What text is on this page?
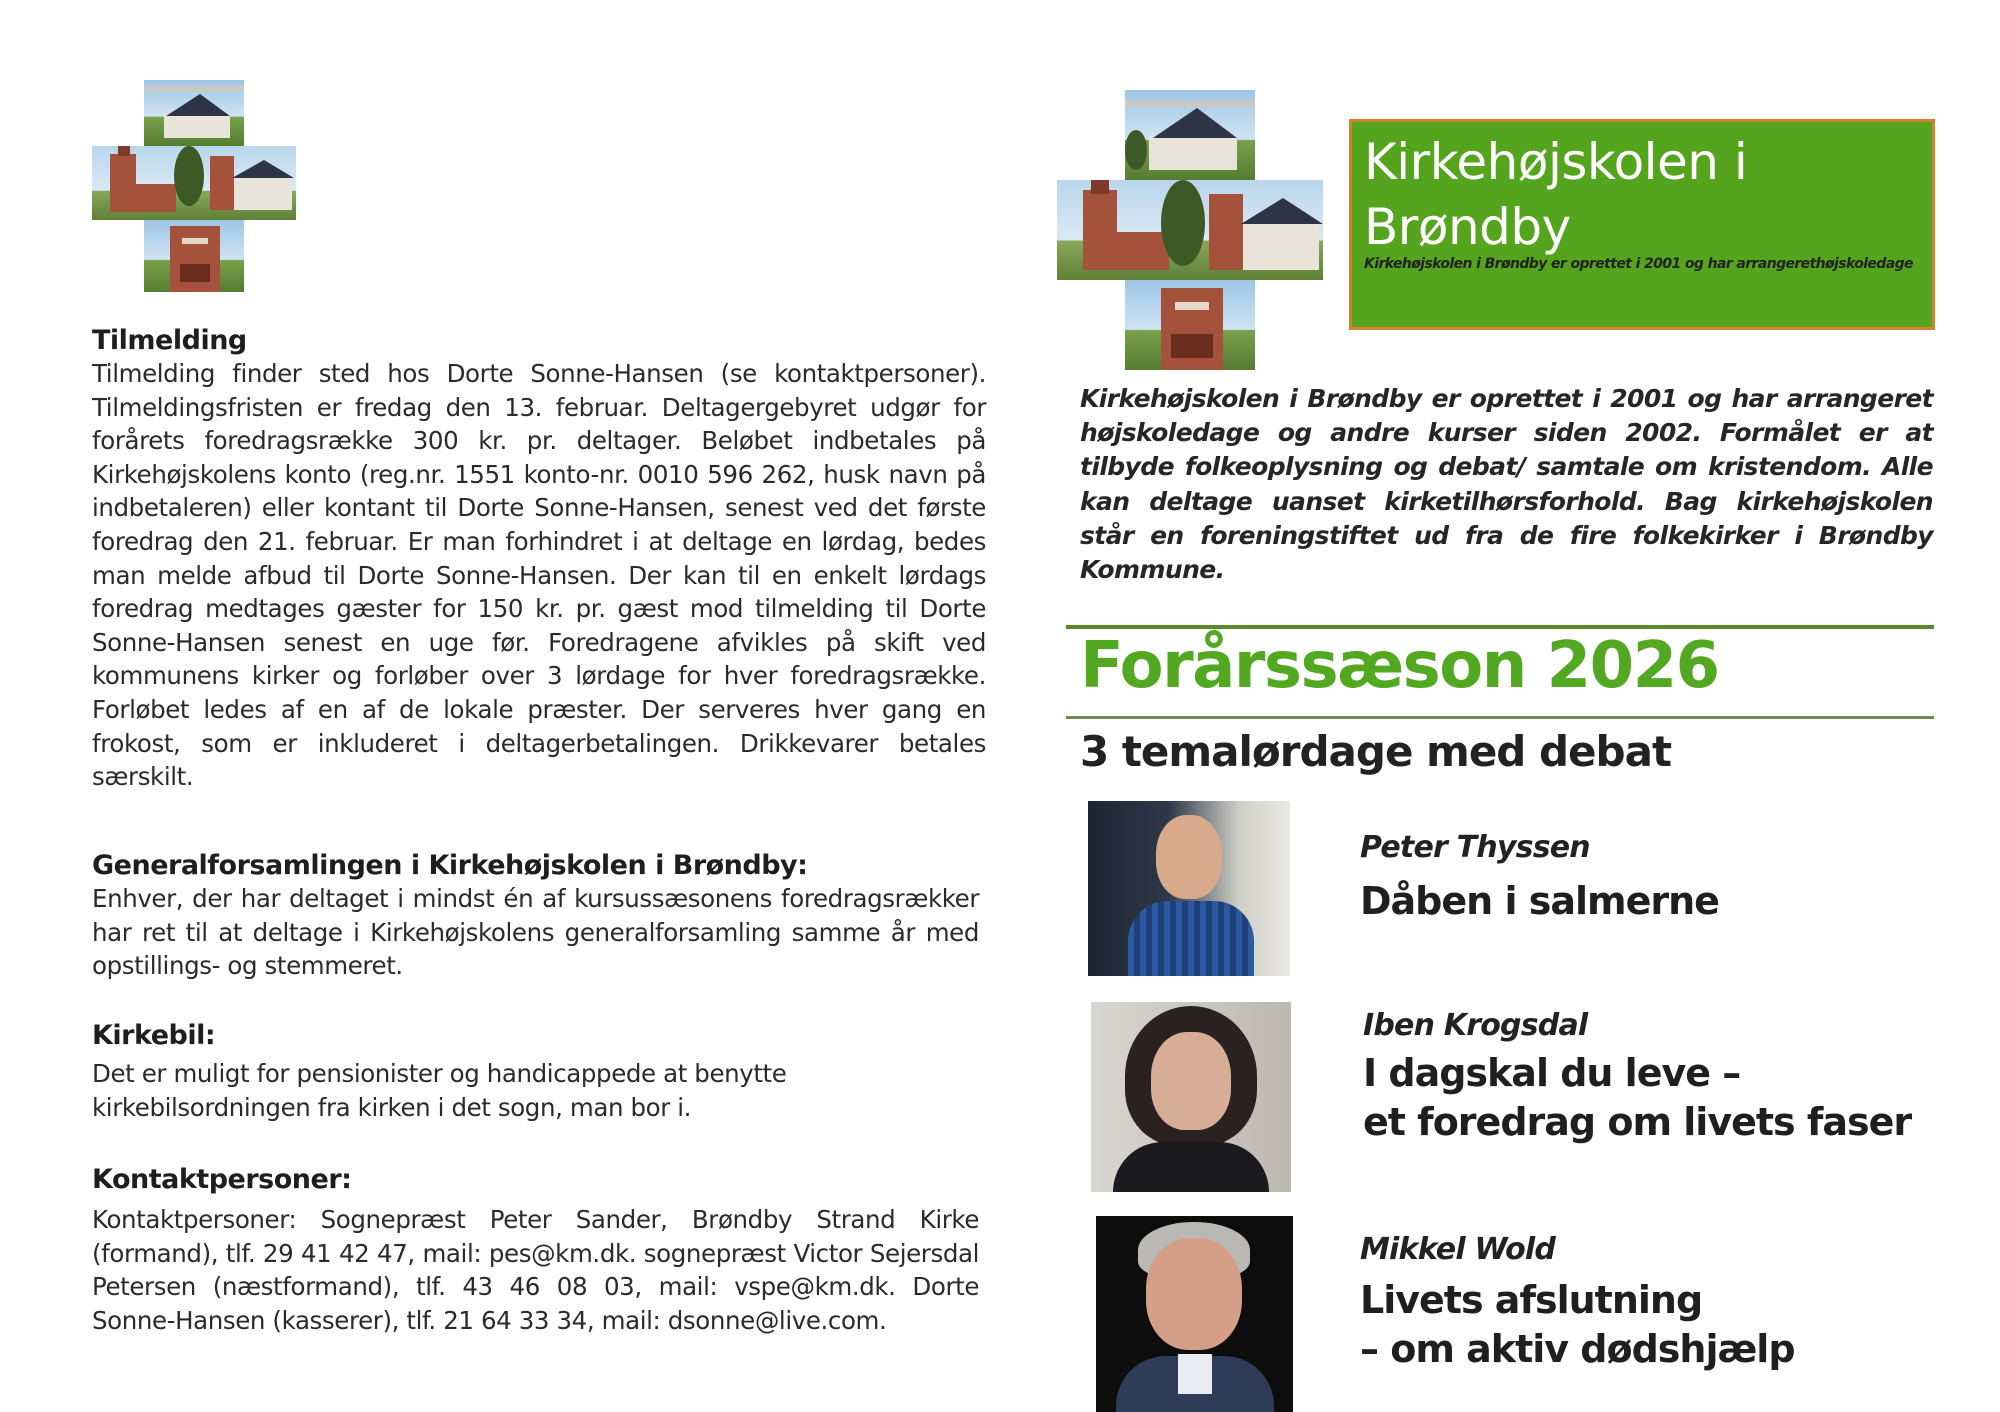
Tilmelding
Tilmelding finder sted hos Dorte Sonne-Hansen (se kontaktpersoner). Tilmeldingsfristen er fredag den 13. februar. Deltagergebyret udgør for forårets foredragsrække 300 kr. pr. deltager. Beløbet indbetales på Kirkehøjskolens konto (reg.nr. 1551 konto-nr. 0010 596 262, husk navn på indbetaleren) eller kontant til Dorte Sonne-Hansen, senest ved det første foredrag den 21. februar. Er man forhindret i at deltage en lørdag, bedes man melde afbud til Dorte Sonne-Hansen. Der kan til en enkelt lørdags foredrag medtages gæster for 150 kr. pr. gæst mod tilmelding til Dorte Sonne-Hansen senest en uge før. Foredragene afvikles på skift ved kommunens kirker og forløber over 3 lørdage for hver foredragsrække. Forløbet ledes af en af de lokale præster. Der serveres hver gang en frokost, som er inkluderet i deltagerbetalingen. Drikkevarer betales særskilt.
Generalforsamlingen i Kirkehøjskolen i Brøndby:
Enhver, der har deltaget i mindst én af kursussæsonens foredragsrækker har ret til at deltage i Kirkehøjskolens generalforsamling samme år med opstillings- og stemmeret.
Kirkebil:
Det er muligt for pensionister og handicappede at benytte kirkebilsordningen fra kirken i det sogn, man bor i.
Kontaktpersoner:
Kontaktpersoner: Sognepræst Peter Sander, Brøndby Strand Kirke (formand), tlf. 29 41 42 47, mail: pes@km.dk. sognepræst Victor Sejersdal Petersen (næstformand), tlf. 43 46 08 03, mail: vspe@km.dk. Dorte Sonne-Hansen (kasserer), tlf. 21 64 33 34, mail: dsonne@live.com.
Kirkehøjskolen i Brøndby
Kirkehøjskolen i Brøndby er oprettet i 2001 og har arrangerethøjskoledage
Kirkehøjskolen i Brøndby er oprettet i 2001 og har arrangeret højskoledage og andre kurser siden 2002. Formålet er at tilbyde folkeoplysning og debat/ samtale om kristendom. Alle kan deltage uanset kirketilhørsforhold. Bag kirkehøjskolen står en foreningstiftet ud fra de fire folkekirker i Brøndby Kommune.
Forårssæson 2026
3 temalørdage med debat
Peter Thyssen
Dåben i salmerne
Iben Krogsdal
I dagskal du leve –
et foredrag om livets faser
Mikkel Wold
Livets afslutning
– om aktiv dødshjælp
